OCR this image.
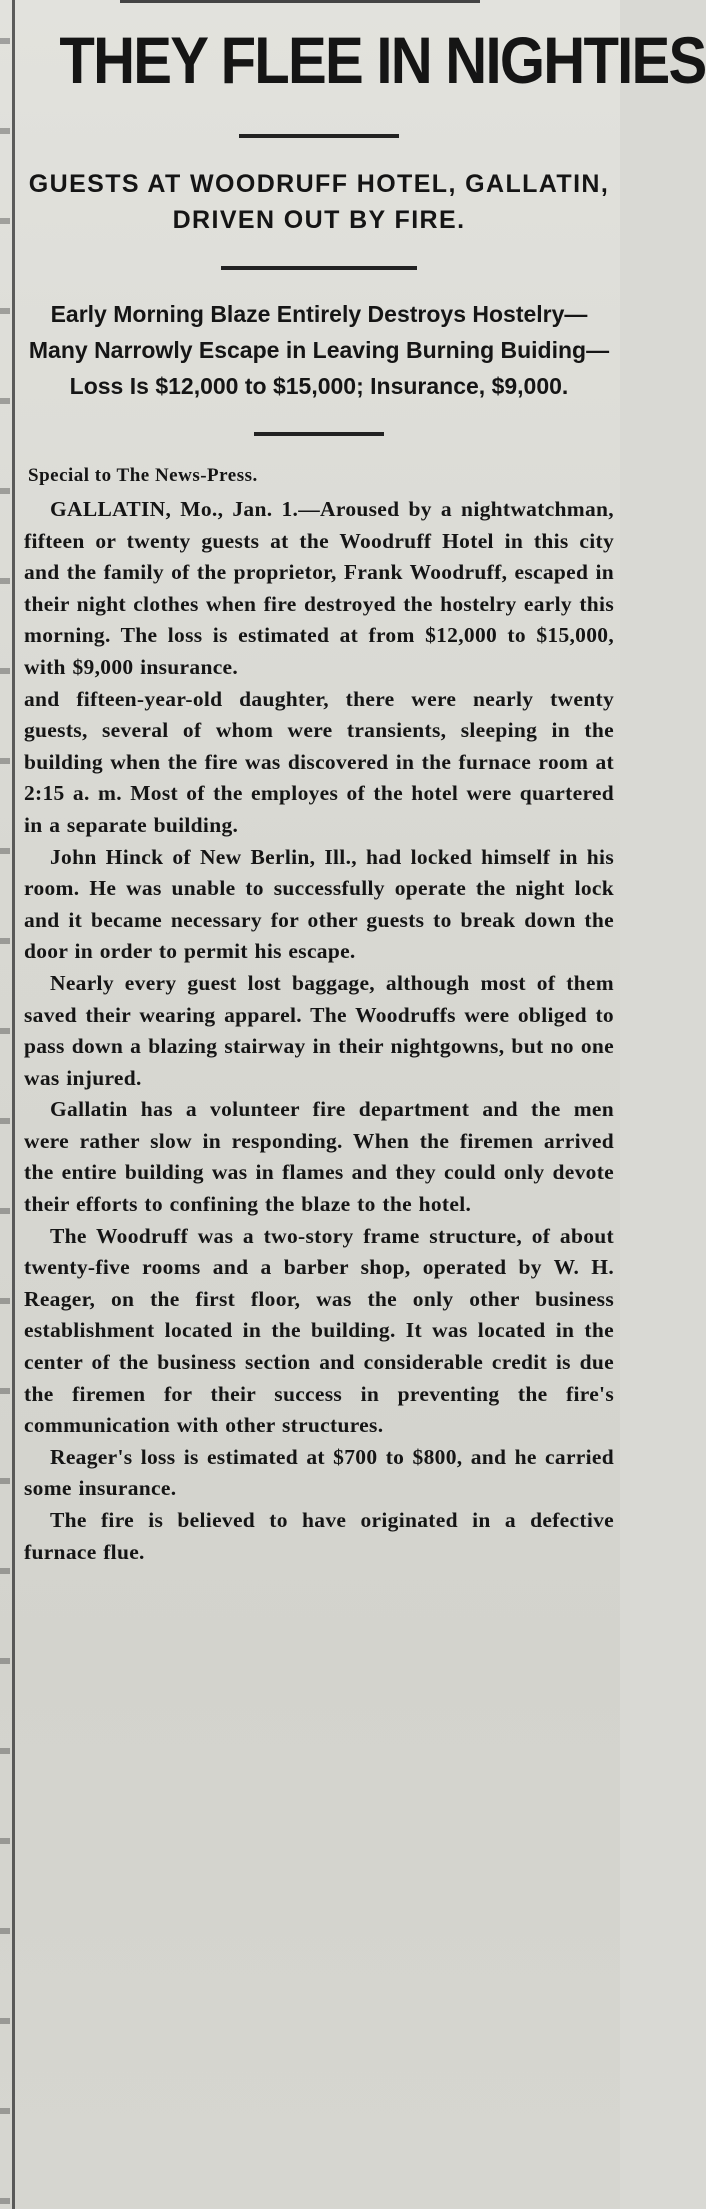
THEY FLEE IN NIGHTIES
GUESTS AT WOODRUFF HOTEL, GALLATIN, DRIVEN OUT BY FIRE.
Early Morning Blaze Entirely Destroys Hostelry—Many Narrowly Escape in Leaving Burning Buiding—Loss Is $12,000 to $15,000; Insurance, $9,000.
Special to The News-Press.

GALLATIN, Mo., Jan. 1.—Aroused by a nightwatchman, fifteen or twenty guests at the Woodruff Hotel in this city and the family of the proprietor, Frank Woodruff, escaped in their night clothes when fire destroyed the hostelry early this morning. The loss is estimated at from $12,000 to $15,000, with $9,000 insurance.

and fifteen-year-old daughter, there were nearly twenty guests, several of whom were transients, sleeping in the building when the fire was discovered in the furnace room at 2:15 a. m. Most of the employes of the hotel were quartered in a separate building.

John Hinck of New Berlin, Ill., had locked himself in his room. He was unable to successfully operate the night lock and it became necessary for other guests to break down the door in order to permit his escape.

Nearly every guest lost baggage, although most of them saved their wearing apparel. The Woodruffs were obliged to pass down a blazing stairway in their nightgowns, but no one was injured.

Gallatin has a volunteer fire department and the men were rather slow in responding. When the firemen arrived the entire building was in flames and they could only devote their efforts to confining the blaze to the hotel.

The Woodruff was a two-story frame structure, of about twenty-five rooms and a barber shop, operated by W. H. Reager, on the first floor, was the only other business establishment located in the building. It was located in the center of the business section and considerable credit is due the firemen for their success in preventing the fire's communication with other structures.

Reager's loss is estimated at $700 to $800, and he carried some insurance.

The fire is believed to have originated in a defective furnace flue.
